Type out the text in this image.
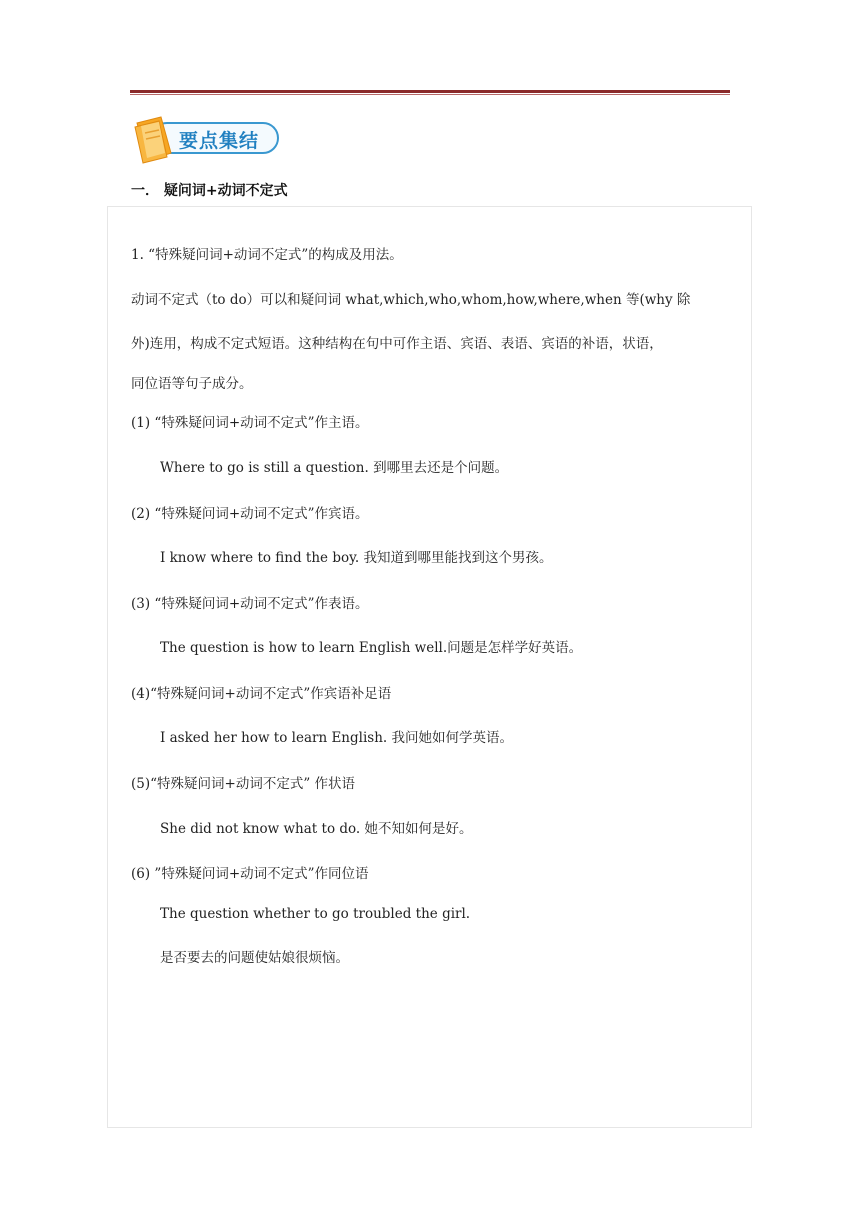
要点集结
一． 疑问词+动词不定式
1. “特殊疑问词+动词不定式”的构成及用法。
动词不定式（to do）可以和疑问词 what,which,who,whom,how,where,when 等(why 除
外)连用，构成不定式短语。这种结构在句中可作主语、宾语、表语、宾语的补语，状语，
同位语等句子成分。
(1) “特殊疑问词+动词不定式”作主语。
Where to go is still a question. 到哪里去还是个问题。
(2) “特殊疑问词+动词不定式”作宾语。
I know where to find the boy. 我知道到哪里能找到这个男孩。
(3) “特殊疑问词+动词不定式”作表语。
The question is how to learn English well.问题是怎样学好英语。
(4)“特殊疑问词+动词不定式”作宾语补足语
I asked her how to learn English. 我问她如何学英语。
(5)“特殊疑问词+动词不定式” 作状语
She did not know what to do. 她不知如何是好。
(6) ”特殊疑问词+动词不定式”作同位语
The question whether to go troubled the girl.
是否要去的问题使姑娘很烦恼。
